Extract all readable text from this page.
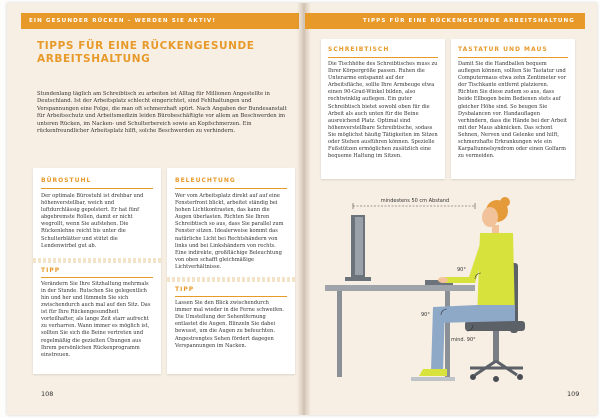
EIN GESUNDER RÜCKEN – WERDEN SIE AKTIV!
TIPPS FÜR EINE RÜCKENGESUNDE
ARBEITSHALTUNG

Stundenlang täglich am Schreibtisch zu arbeiten ist Alltag für Millionen Angestellte in Deutschland. Ist der Arbeitsplatz schlecht eingerichtet, sind Fehlhaltungen und Verspannungen eine Folge, die man oft schmerzhaft spürt. Nach Angaben der Bundesanstalt für Arbeitsschutz und Arbeitsmedizin leiden Bürobeschäftigte vor allem an Beschwerden im unteren Rücken, im Nacken- und Schulterbereich sowie an Kopfschmerzen. Ein rückenfreundlicher Arbeitsplatz hilft, solche Beschwerden zu verhindern.

BÜROSTUHL

Der optimale Bürostuhl ist drehbar und höhenverstellbar, weich und luftdurchlässig gepolstert. Er hat fünf abgebremste Rollen, damit er nicht wegrollt, wenn Sie aufstehen. Die Rückenlehne reicht bis unter die Schulterblätter und stützt die Lendenwirbel gut ab.

TIPP

Verändern Sie Ihre Sitzhaltung mehrmals in der Stunde. Rutschen Sie gelegentlich hin und her und lümmeln Sie sich zwischendurch auch mal auf den Sitz. Das ist für Ihre Rückengesundheit vorteilhafter, als lange Zeit starr aufrecht zu verharren. Wann immer es möglich ist, sollten Sie sich die Beine vertreten und regelmäßig die gezielten Übungen aus Ihrem persönlichen Rückenprogramm einstreuen.

BELEUCHTUNG

Wer vom Arbeitsplatz direkt auf auf eine Fensterfront blickt, arbeitet ständig bei hohen Lichtkontrasten, das kann die Augen überlasten. Richten Sie Ihren Schreibtisch so aus, dass Sie parallel zum Fenster sitzen. Idealerweise kommt das natürliche Licht bei Rechtshändern von links und bei Linkshändern von rechts. Eine indirekte, großflächige Beleuchtung von oben schafft gleichmäßige Lichtverhältnisse.

TIPP

Lassen Sie den Blick zwischendurch immer mal wieder in die Ferne schweifen. Die Umstellung der Sehentfernung entlastet die Augen. Blinzeln Sie dabei bewusst, um die Augen zu befeuchten. Angestrengtes Sehen fördert dagegen Verspannungen im Nacken.

108
TIPPS FÜR EINE RÜCKENGESUNDE ARBEITSHALTUNG
SCHREIBTISCH

Die Tischhöhe des Schreibtisches muss zu Ihrer Körpergröße passen. Ruhen die Unterarme entspannt auf der Arbeitsfläche, sollte Ihre Armbeuge etwa einen 90-Grad-Winkel bilden, also rechtwinklig auflegen. Ein guter Schreibtisch bietet sowohl oben für die Arbeit als auch unten für die Beine ausreichend Platz. Optimal sind höhenverstellbare Schreibtische, sodass Sie möglichst häufig Tätigkeiten im Sitzen oder Stehen ausführen können. Spezielle Fußstützen ermöglichen zusätzlich eine bequeme Haltung im Sitzen.

TASTATUR UND MAUS

Damit Sie die Handballen bequem auflegen können, sollten Sie Tastatur und Computermaus etwa zehn Zentimeter vor der Tischkante entfernt platzieren. Richten Sie diese zudem so aus, dass beide Ellbogen beim Bedienen stets auf gleicher Höhe sind. So beugen Sie Dysbalancen vor. Handauflagen verhindern, dass die Hände bei der Arbeit mit der Maus abknicken. Das schont Sehnen, Nerven und Gelenke und hilft, schmerzhafte Erkrankungen wie ein Karpaltunnelsyndrom oder einen Golfarm zu vermeiden.

mindestens 50 cm Abstand
90°
90°
mind. 90°
109
